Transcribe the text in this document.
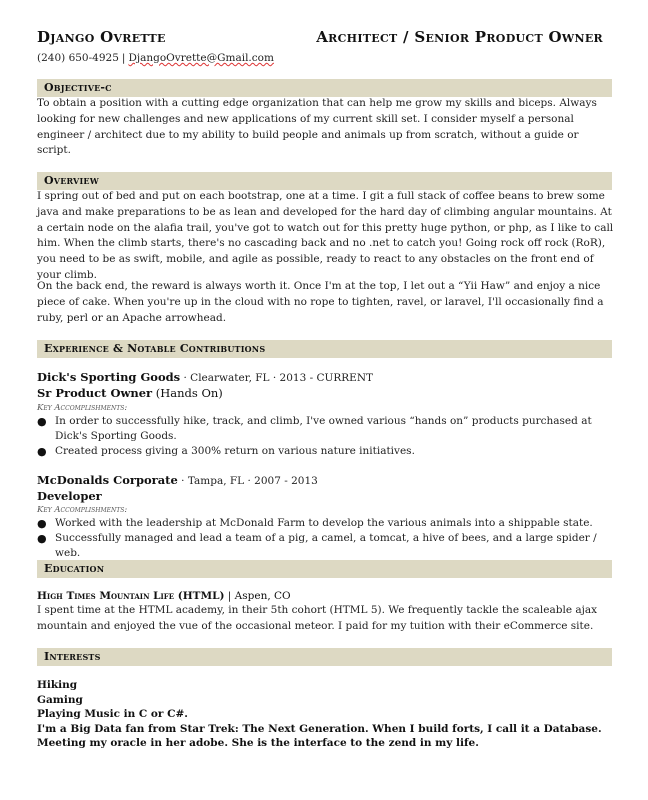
Django Ovrette	Architect / Senior Product Owner
(240) 650-4925 | DjangoOvrette@Gmail.com
Objective-c
To obtain a position with a cutting edge organization that can help me grow my skills and biceps. Always looking for new challenges and new applications of my current skill set. I consider myself a personal engineer / architect due to my ability to build people and animals up from scratch, without a guide or script.
Overview
I spring out of bed and put on each bootstrap, one at a time. I git a full stack of coffee beans to brew some java and make preparations to be as lean and developed for the hard day of climbing angular mountains. At a certain node on the alafia trail, you've got to watch out for this pretty huge python, or php, as I like to call him. When the climb starts, there's no cascading back and no .net to catch you! Going rock off rock (RoR), you need to be as swift, mobile, and agile as possible, ready to react to any obstacles on the front end of your climb.
On the back end, the reward is always worth it. Once I'm at the top, I let out a “Yii Haw” and enjoy a nice piece of cake. When you're up in the cloud with no rope to tighten, ravel, or laravel, I'll occasionally find a ruby, perl or an Apache arrowhead.
Experience & Notable Contributions
Dick's Sporting Goods · Clearwater, FL · 2013 - CURRENT
Sr Product Owner (Hands On)
Key Accomplishments:
● In order to successfully hike, track, and climb, I've owned various “hands on” products purchased at Dick's Sporting Goods.
● Created process giving a 300% return on various nature initiatives.
McDonalds Corporate · Tampa, FL · 2007 - 2013
Developer
Key Accomplishments:
● Worked with the leadership at McDonald Farm to develop the various animals into a shippable state.
● Successfully managed and lead a team of a pig, a camel, a tomcat, a hive of bees, and a large spider / web.
Education
High Times Mountain Life (HTML) | Aspen, CO
I spent time at the HTML academy, in their 5th cohort (HTML 5). We frequently tackle the scaleable ajax mountain and enjoyed the vue of the occasional meteor. I paid for my tuition with their eCommerce site.
Interests
Hiking
Gaming
Playing Music in C or C#.
I'm a Big Data fan from Star Trek: The Next Generation. When I build forts, I call it a Database.
Meeting my oracle in her adobe. She is the interface to the zend in my life.
